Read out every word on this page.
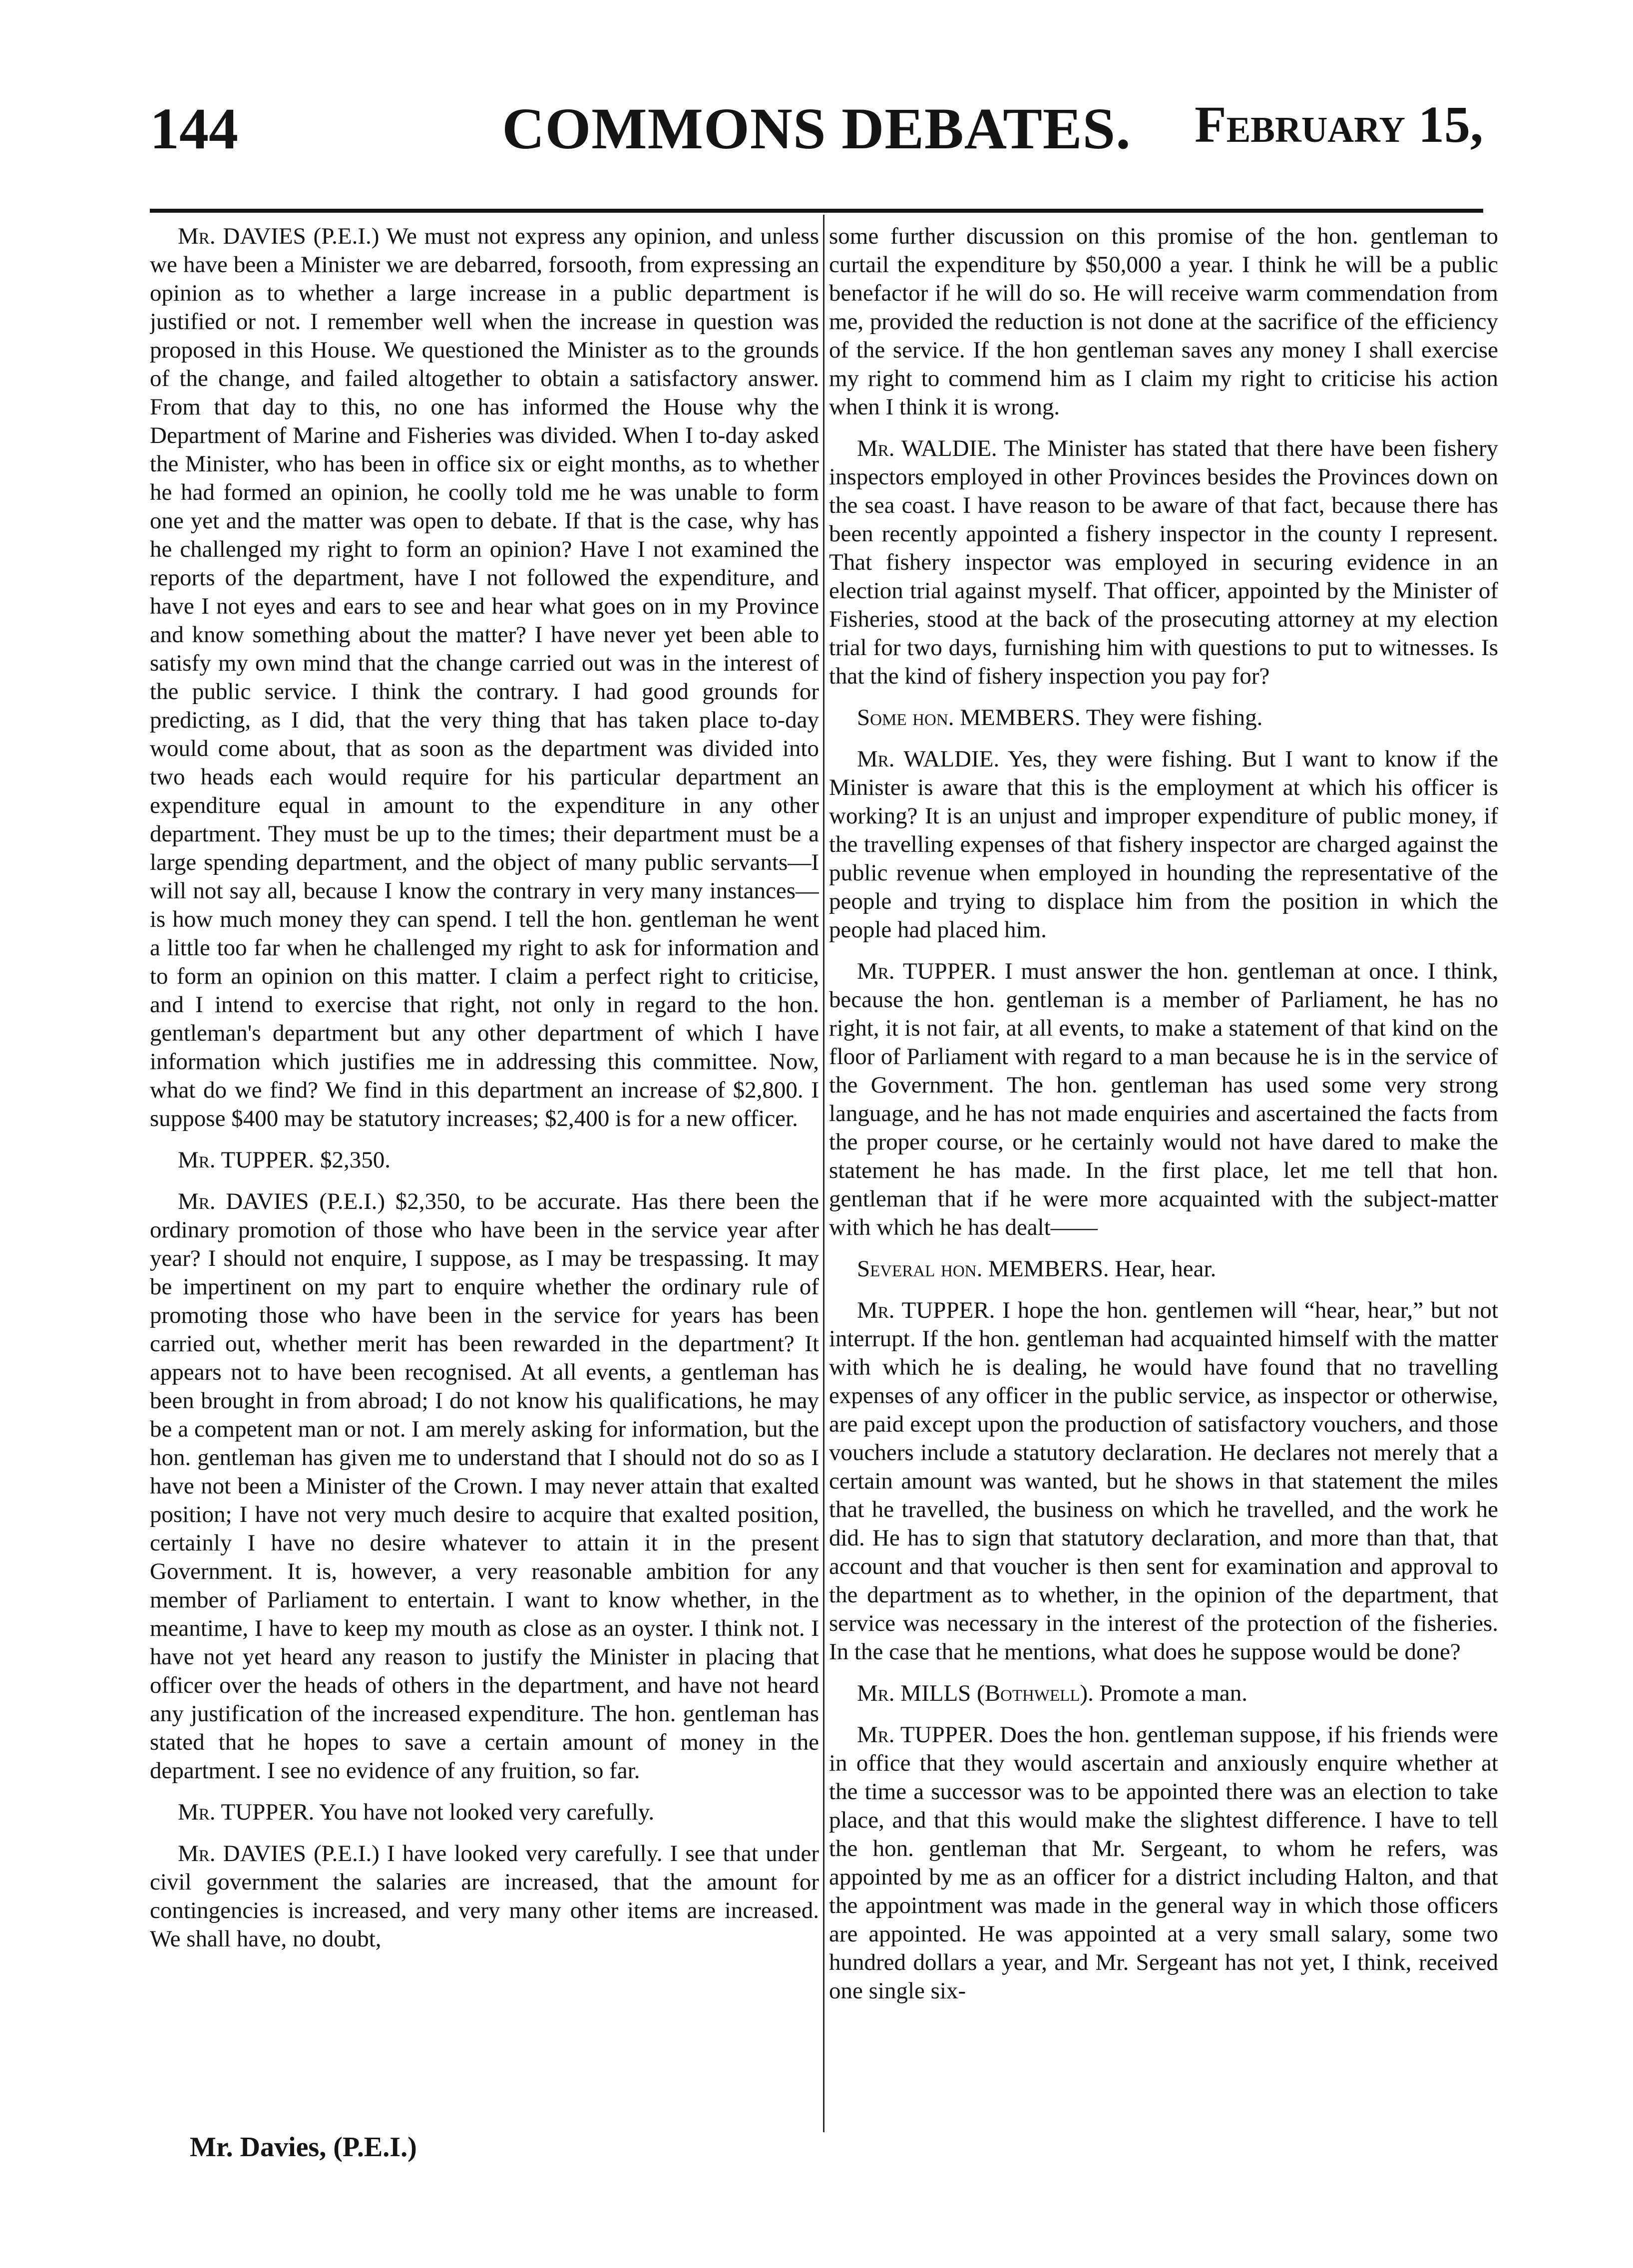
144	COMMONS DEBATES.	February 15,

Mr. DAVIES (P.E.I.) We must not express any opinion, and unless we have been a Minister we are deb﻿arred, forsooth, from expressing an opinion as to whether a large increase in a public department is justified or not. I remember well when the increase in question was proposed in this House. We questioned the Minister as to the grounds of the change, and failed altogether to obtain a satisfactory answer. From that day to this, no one has informed the House why the Department of Marine and Fisheries was divided. When I to-day asked the Minister, who has been in office six or eight months, as to whether he had formed an opinion, he coolly told me he was unable to form one yet and the matter was open to debate. If that is the case, why has he challenged my right to form an opinion? Have I not examined the reports of the department, have I not followed the expenditure, and have I not eyes and ears to see and hear what goes on in my Province and know something about the matter? I have never yet been able to satisfy my own mind that the change carried out was in the interest of the public service. I think the contrary. I had good grounds for predicting, as I did, that the very thing that has taken place to-day would come about, that as soon as the department was divided into two heads each would require for his particular department an expenditure equal in amount to the expenditure in any other department. They must be up to the times; their department must be a large spending department, and the object of many public servants—I will not say all, because I know the contrary in very many instances—is how much money they can spend. I tell the hon. gentleman he went a little too far when he challenged my right to ask for information and to form an opinion on this matter. I claim a perfect right to criticise, and I intend to exercise that right, not only in regard to the hon. gentleman's department but any other department of which I have information which justifies me in addressing this committee. Now, what do we find? We find in this department an increase of $2,800. I suppose $400 may be statutory increases; $2,400 is for a new officer.

Mr. TUPPER. $2,350.

Mr. DAVIES (P.E.I.) $2,350, to be accurate. Has there been the ordinary promotion of those who have been in the service year after year? I should not enquire, I suppose, as I may be trespassing. It may be impertinent on my part to enquire whether the ordinary rule of promoting those who have been in the service for years has been carried out, whether merit has been rewarded in the department? It appears not to have been recognised. At all events, a gentleman has been brought in from abroad; I do not know his qualifications, he may be a competent man or not. I am merely asking for information, but the hon. gentleman has given me to understand that I should not do so as I have not been a Minister of the Crown. I may never attain that exalted position; I have not very much desire to acquire that exalted position, certainly I have no desire whatever to attain it in the present Government. It is, however, a very reasonable ambition for any member of Parliament to entertain. I want to know whether, in the meantime, I have to keep my mouth as close as an oyster. I think not. I have not yet heard any reason to justify the Minister in placing that officer over the heads of others in the department, and have not heard any justification of the increased expenditure. The hon. gentleman has stated that he hopes to save a certain amount of money in the department. I see no evidence of any fruition, so far.

Mr. TUPPER. You have not looked very carefully.

Mr. DAVIES (P.E.I.) I have looked very carefully. I see that under civil government the salaries are increased, that the amount for contingencies is increased, and very many other items are increased. We shall have, no doubt,

some further discussion on this promise of the hon. gentleman to curtail the expenditure by $50,000 a year. I think he will be a public benefactor if he will do so. He will receive warm commendation from me, provided the reduction is not done at the sacrifice of the efficiency of the service. If the hon gentleman saves any money I shall exercise my right to commend him as I claim my right to criticise his action when I think it is wrong.

Mr. WALDIE. The Minister has stated that there have been fishery inspectors employed in other Provinces besides the Provinces down on the sea coast. I have reason to be aware of that fact, because there has been recently appointed a fishery inspector in the county I represent. That fishery inspector was employed in securing evidence in an election trial against myself. That officer, appointed by the Minister of Fisheries, stood at the back of the prosecuting attorney at my election trial for two days, furnishing him with questions to put to witnesses. Is that the kind of fishery inspection you pay for?

Some hon. MEMBERS. They were fishing.

Mr. WALDIE. Yes, they were fishing. But I want to know if the Minister is aware that this is the employment at which his officer is working? It is an unjust and improper expenditure of public money, if the travelling expenses of that fishery inspector are charged against the public revenue when employed in hounding the representative of the people and trying to displace him from the position in which the people had placed him.

Mr. TUPPER. I must answer the hon. gentleman at once. I think, because the hon. gentleman is a member of Parliament, he has no right, it is not fair, at all events, to make a statement of that kind on the floor of Parliament with regard to a man because he is in the service of the Government. The hon. gentleman has used some very strong language, and he has not made enquiries and ascertained the facts from the proper course, or he certainly would not have dared to make the statement he has made. In the first place, let me tell that hon. gentleman that if he were more acquainted with the subject-matter with which he has dealt——

Several hon. MEMBERS. Hear, hear.

Mr. TUPPER. I hope the hon. gentlemen will “hear, hear,” but not interrupt. If the hon. gentleman had acquainted himself with the matter with which he is dealing, he would have found that no travelling expenses of any officer in the public service, as inspector or otherwise, are paid except upon the production of satisfactory vouchers, and those vouchers include a statutory declaration. He declares not merely that a certain amount was wanted, but he shows in that statement the miles that he travelled, the business on which he travelled, and the work he did. He has to sign that statutory declaration, and more than that, that account and that voucher is then sent for examination and approval to the department as to whether, in the opinion of the department, that service was necessary in the interest of the protection of the fisheries. In the case that he mentions, what does he suppose would be done?

Mr. MILLS (Bothwell). Promote a man.

Mr. TUPPER. Does the hon. gentleman suppose, if his friends were in office that they would ascertain and anxiously enquire whether at the time a successor was to be appointed there was an election to take place, and that this would make the slightest difference. I have to tell the hon. gentleman that Mr. Sergeant, to whom he refers, was appointed by me as an officer for a district including Halton, and that the appointment was made in the general way in which those officers are appointed. He was appointed at a very small salary, some two hundred dollars a year, and Mr. Sergeant has not yet, I think, received one single six-

Mr. Davies, (P.E.I.)
